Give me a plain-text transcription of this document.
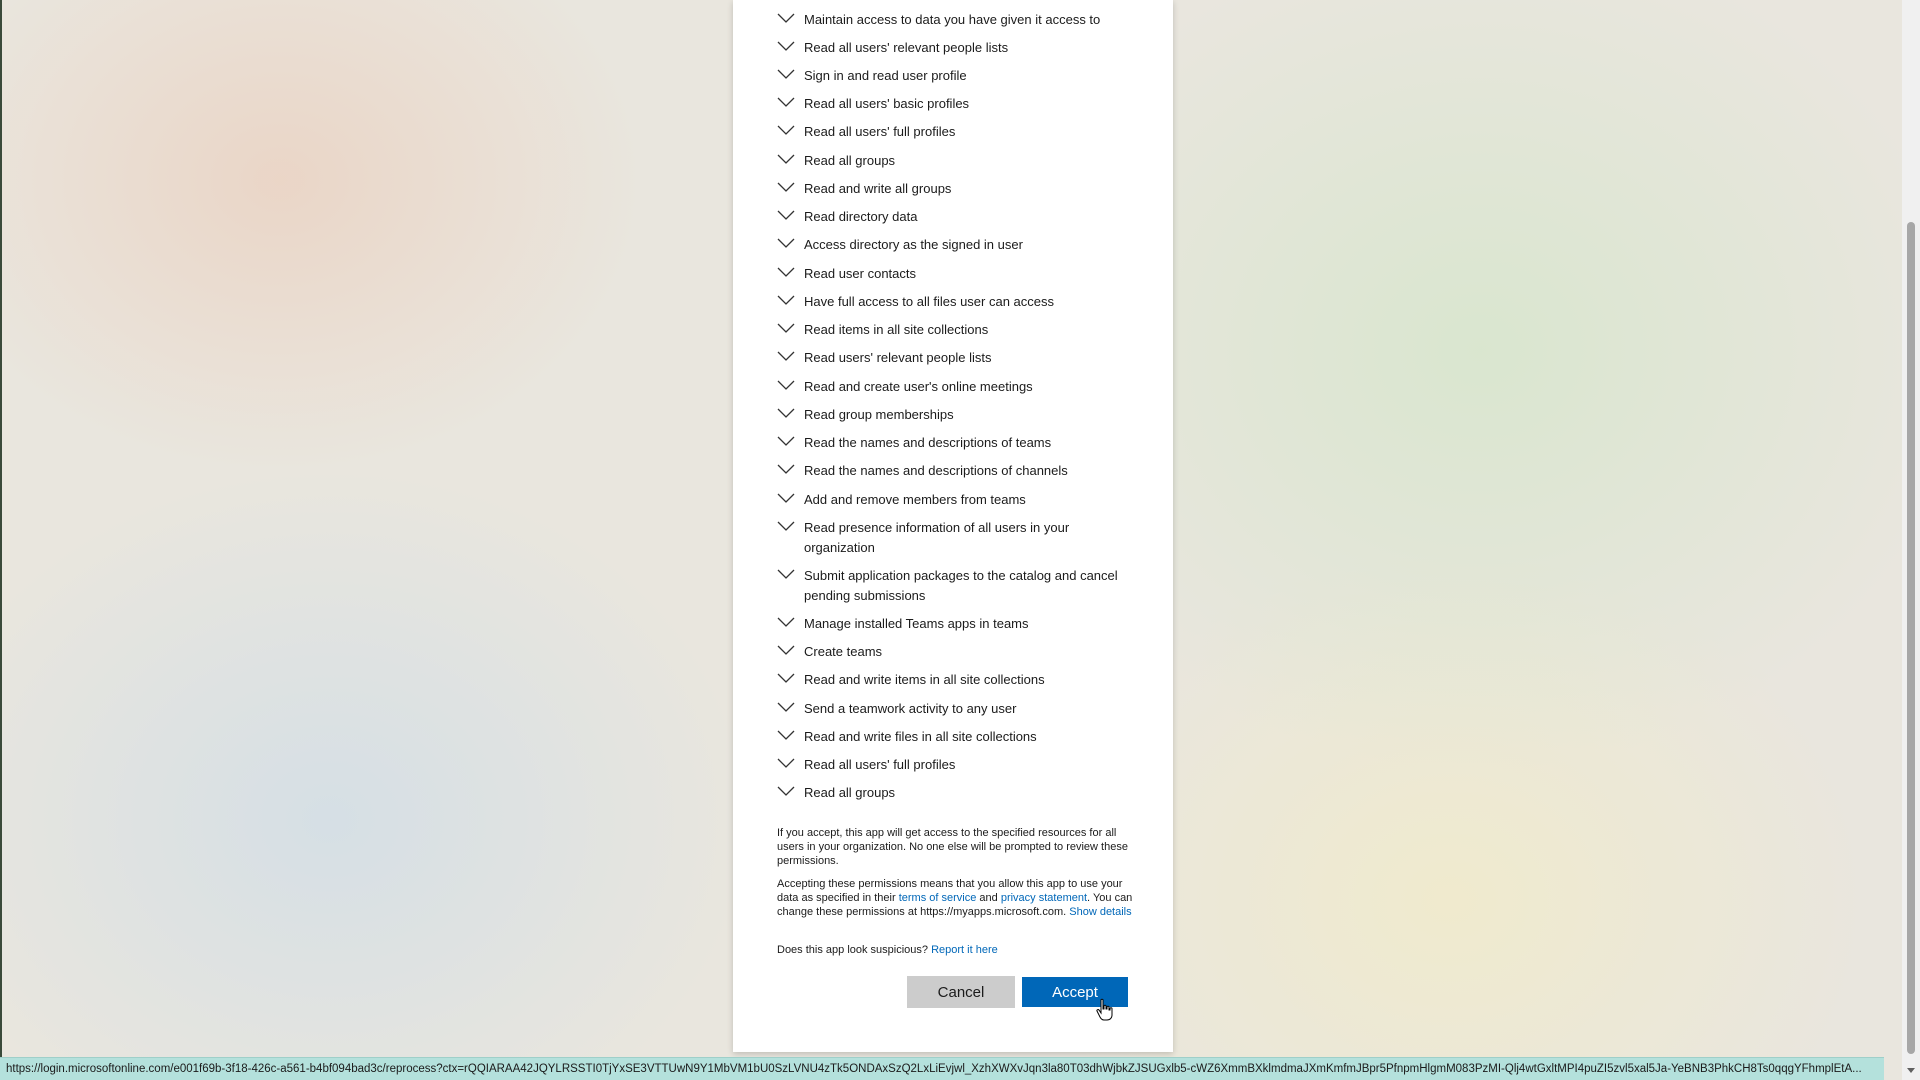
Maintain access to data you have given it access to
Read all users' relevant people lists
Sign in and read user profile
Read all users' basic profiles
Read all users' full profiles
Read all groups
Read and write all groups
Read directory data
Access directory as the signed in user
Read user contacts
Have full access to all files user can access
Read items in all site collections
Read users' relevant people lists
Read and create user's online meetings
Read group memberships
Read the names and descriptions of teams
Read the names and descriptions of channels
Add and remove members from teams
Read presence information of all users in your organization
Submit application packages to the catalog and cancel pending submissions
Manage installed Teams apps in teams
Create teams
Read and write items in all site collections
Send a teamwork activity to any user
Read and write files in all site collections
Read all users' full profiles
Read all groups

If you accept, this app will get access to the specified resources for all users in your organization. No one else will be prompted to review these permissions.

Accepting these permissions means that you allow this app to use your data as specified in their terms of service and privacy statement. You can change these permissions at https://myapps.microsoft.com. Show details

Does this app look suspicious? Report it here

Cancel	Accept
https://login.microsoftonline.com/e001f69b-3f18-426c-a561-b4bf094bad3c/reprocess?ctx=rQQIARAA42JQYLRSSTI0TjYxSE3VTTUwN9Y1MbVM1bU0SzLVNU4zTk5ONDAxSzQ2LxLiEvjwl_XzhXWXvJqn3la80T03dhWjbkZJSUGxlb5-cWZ6XmmBXklmdmaJXmKmfmJBpr5PfnpmHlgmM083PzMI-Qlj4wtGxltMPI4puZI5zvl5xal5Ja-YeBNB3PhkCH8Ts0qqgYFhmplEtA...
